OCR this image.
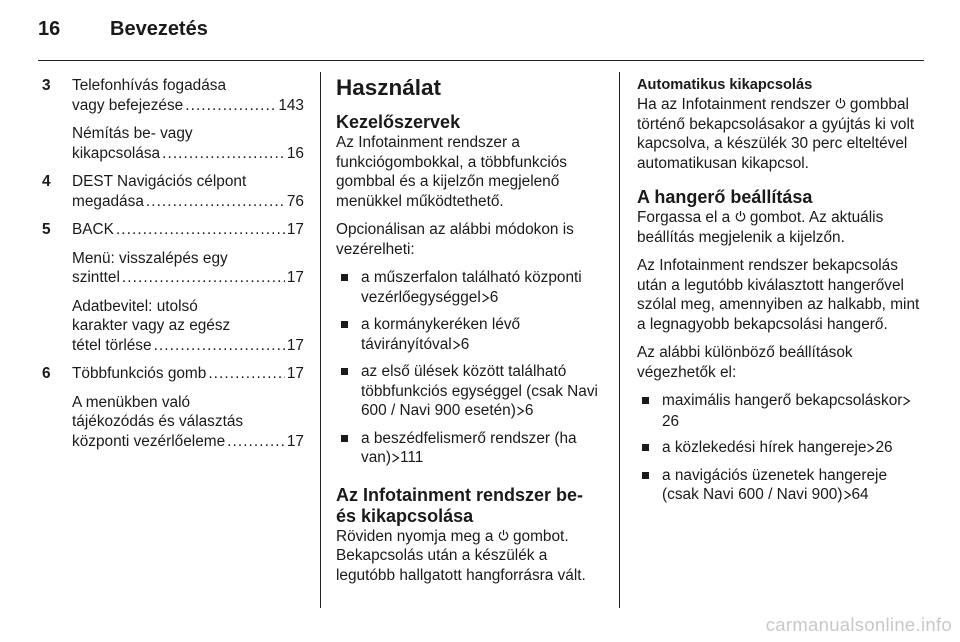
16 Bevezetés
3 Telefonhívás fogadása
vagy befejezése . . .	143
Némítás be- vagy
kikapcsolása . . .	16
4 DEST Navigációs célpont
megadása . . .	76
5 BACK . . .	17
Menü: visszalépés egy
szinttel . . .	17
Adatbevitel: utolsó
karakter vagy az egész
tétel törlése . . .	17
6 Többfunkciós gomb . . .	17
A menükben való
tájékozódás és választás
központi vezérlőeleme . . .	17
Használat
Kezelőszervek

Az Infotainment rendszer a funkciógombokkal, a többfunkciós gombbal és a kijelzőn megjelenő menükkel működtethető.

Opcionálisan az alábbi módokon is vezérelheti:

a műszerfalon található központi vezérlőegységgel 6
a kormánykeréken lévő távirányítóval 6
az első ülések között található többfunkciós egységgel (csak Navi 600 / Navi 900 esetén) 6
a beszédfelismerő rendszer (ha van) 111
Az Infotainment rendszer be- és kikapcsolása

Röviden nyomja meg a gombot. Bekapcsolás után a készülék a legutóbb hallgatott hangforrásra vált.

Automatikus kikapcsolás

Ha az Infotainment rendszer gombbal történő bekapcsolásakor a gyújtás ki volt kapcsolva, a készülék 30 perc elteltével automatikusan kikapcsol.

A hangerő beállítása

Forgassa el a gombot. Az aktuális beállítás megjelenik a kijelzőn.

Az Infotainment rendszer bekapcsolás után a legutóbb kiválasztott hangerővel szólal meg, amennyiben az halkabb, mint a legnagyobb bekapcsolási hangerő.

Az alábbi különböző beállítások végezhetők el:

maximális hangerő bekapcsoláskor26
a közlekedési hírek hangereje 26
a navigációs üzenetek hangereje (csak Navi 600 / Navi 900) 64
carmanualsonline.info
